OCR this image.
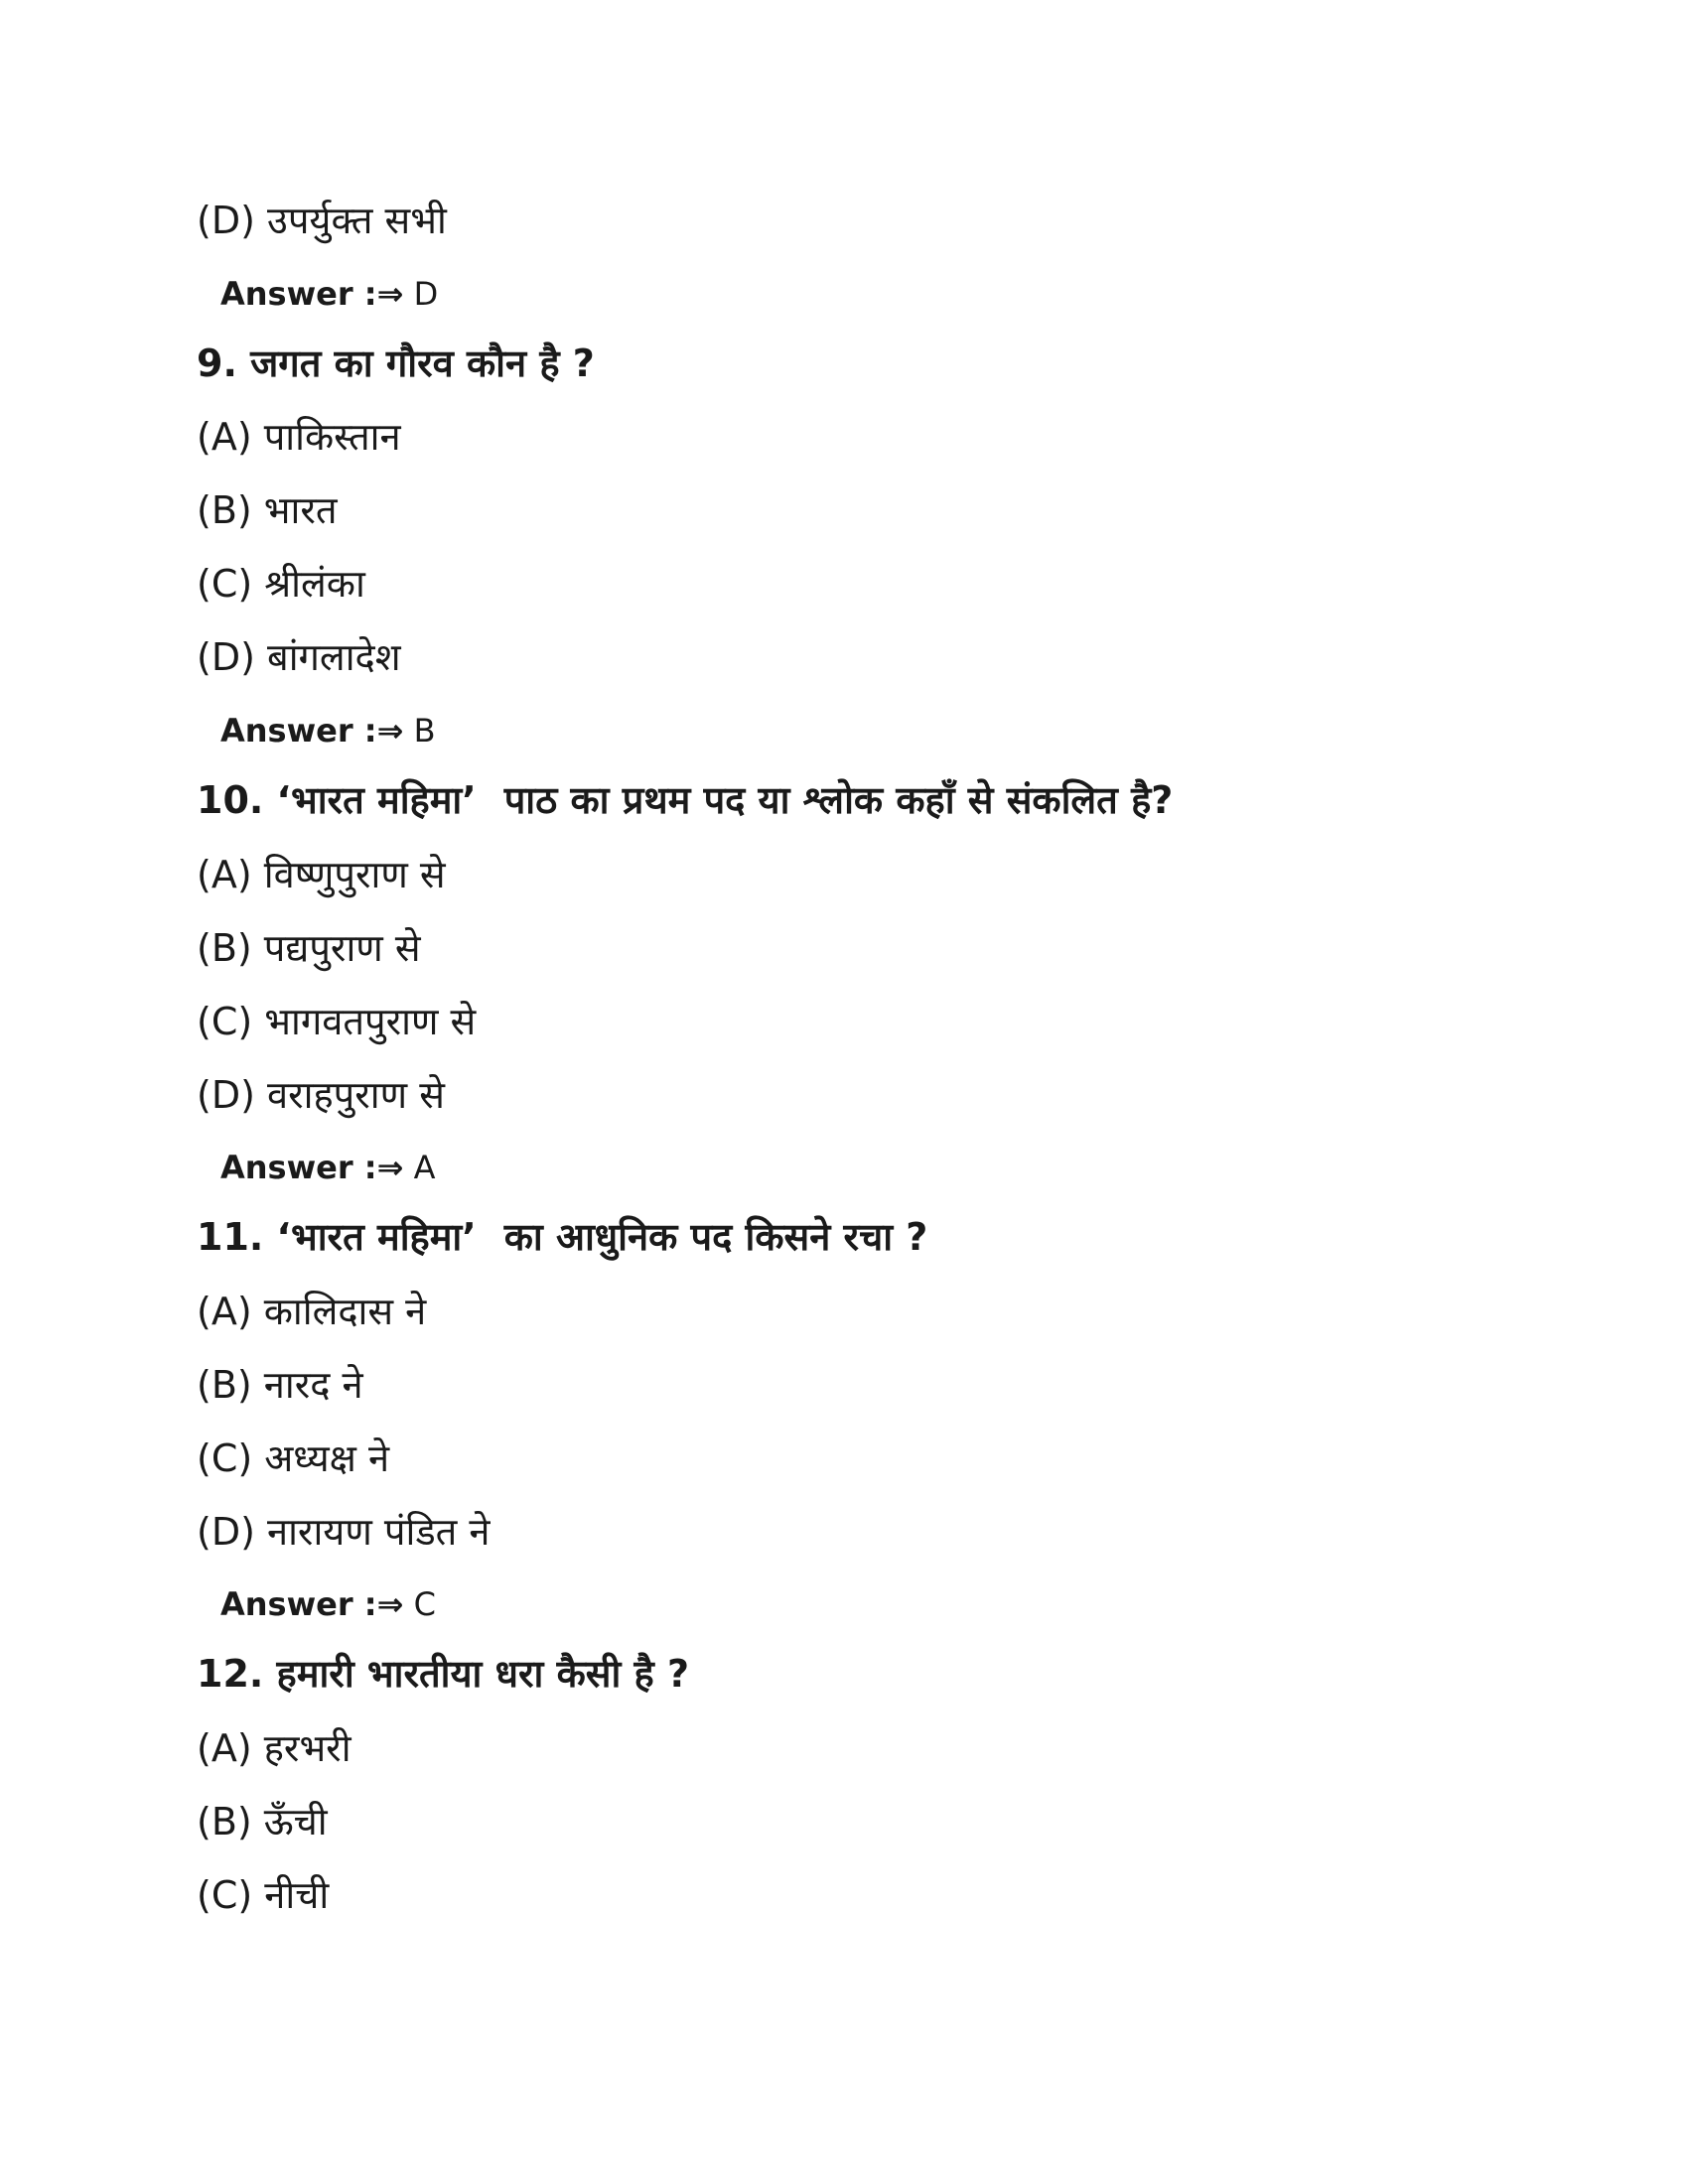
(D) उपर्युक्त सभी
Answer :⇒ D
9. जगत का गौरव कौन है ?
(A) पाकिस्तान
(B) भारत
(C) श्रीलंका
(D) बांगलादेश
Answer :⇒ B
10. ‘भारत महिमा’ पाठ का प्रथम पद या श्लोक कहाँ से संकलित है?
(A) विष्णुपुराण से
(B) पद्यपुराण से
(C) भागवतपुराण से
(D) वराहपुराण से
Answer :⇒ A
11. ‘भारत महिमा’ का आधुनिक पद किसने रचा ?
(A) कालिदास ने
(B) नारद ने
(C) अध्यक्ष ने
(D) नारायण पंडित ने
Answer :⇒ C
12. हमारी भारतीया धरा कैसी है ?
(A) हरभरी
(B) ऊँची
(C) नीची
